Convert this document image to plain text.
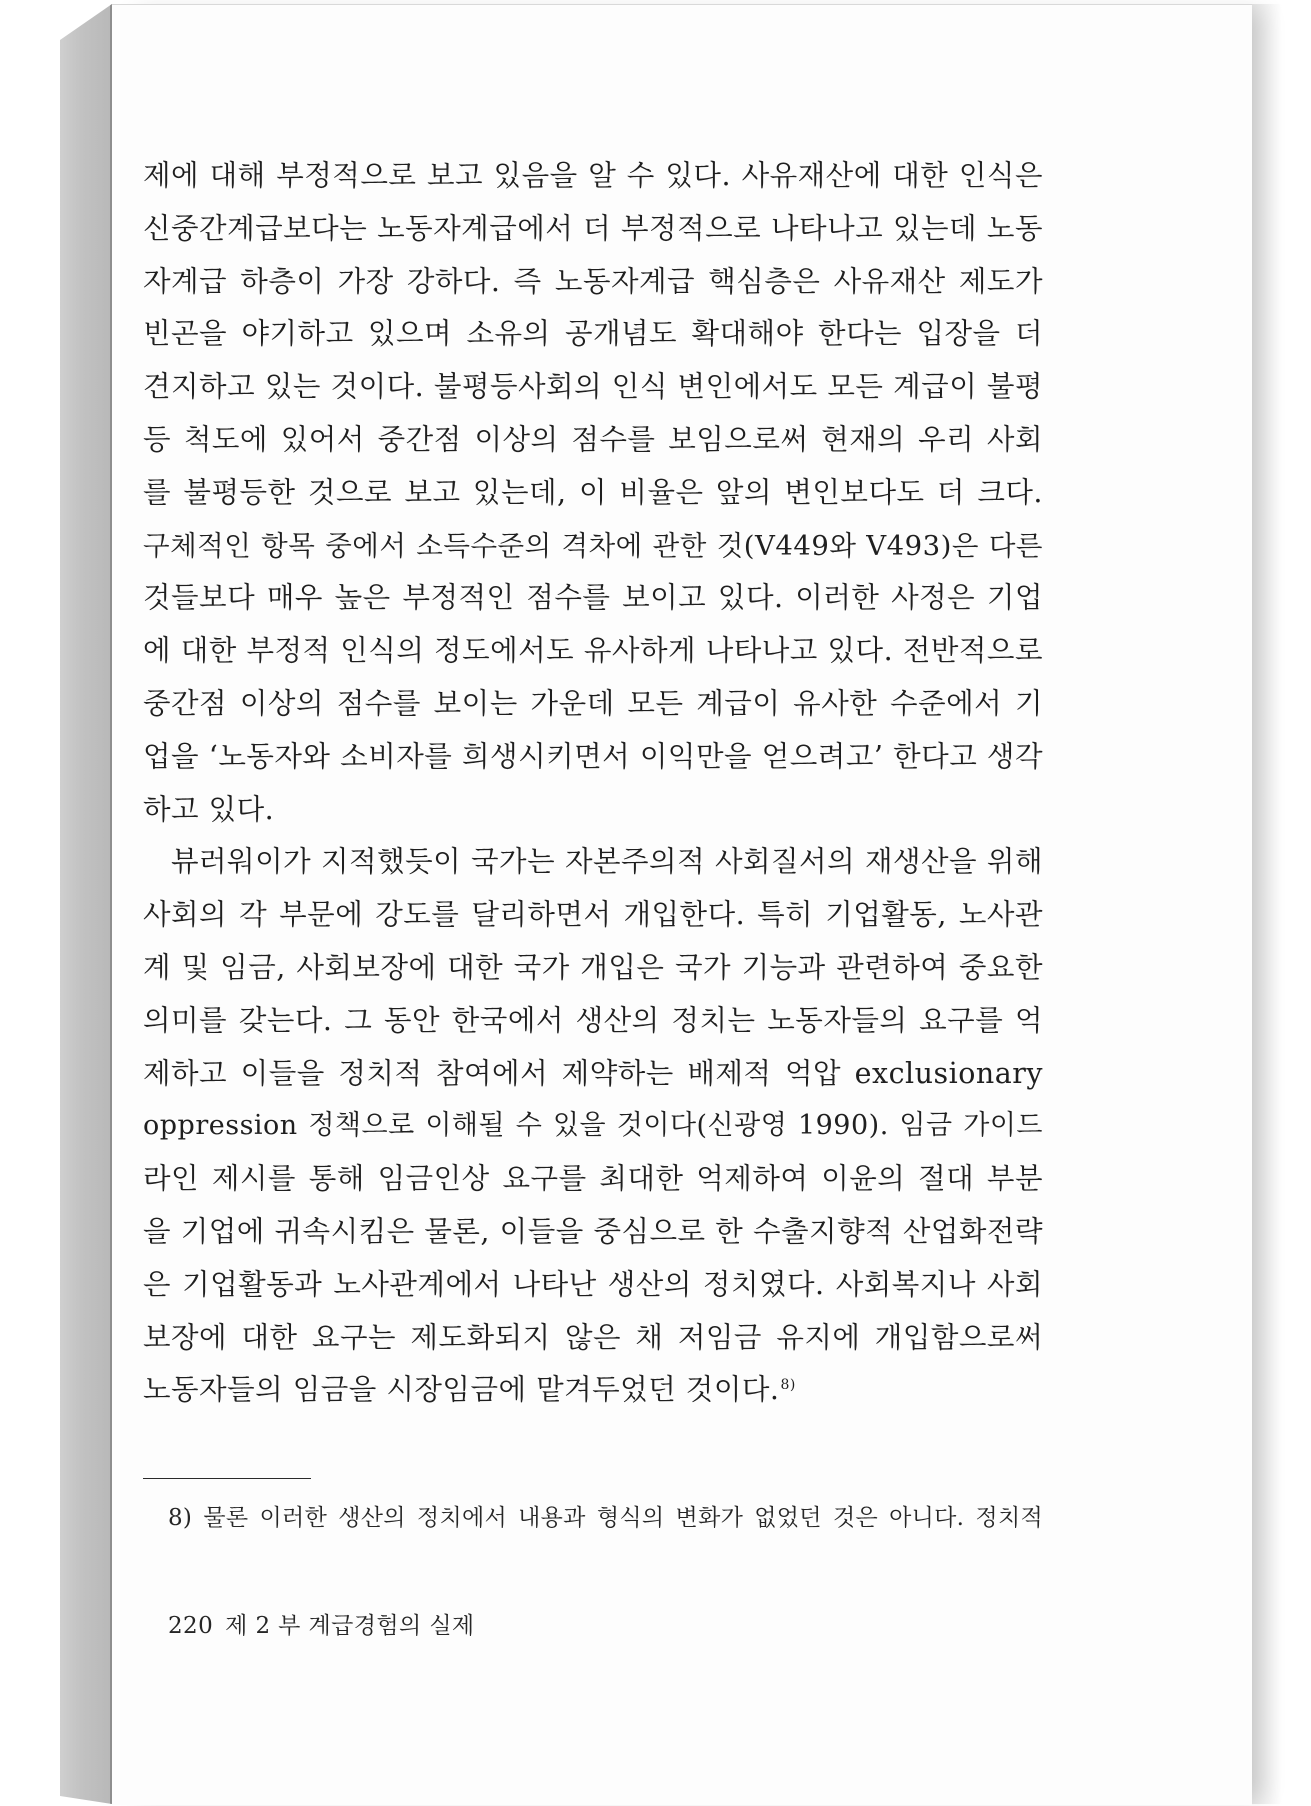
제에 대해 부정적으로 보고 있음을 알 수 있다. 사유재산에 대한 인식은
신중간계급보다는 노동자계급에서 더 부정적으로 나타나고 있는데 노동
자계급 하층이 가장 강하다. 즉 노동자계급 핵심층은 사유재산 제도가
빈곤을 야기하고 있으며 소유의 공개념도 확대해야 한다는 입장을 더
견지하고 있는 것이다. 불평등사회의 인식 변인에서도 모든 계급이 불평
등 척도에 있어서 중간점 이상의 점수를 보임으로써 현재의 우리 사회
를 불평등한 것으로 보고 있는데, 이 비율은 앞의 변인보다도 더 크다.
구체적인 항목 중에서 소득수준의 격차에 관한 것(V449와 V493)은 다른
것들보다 매우 높은 부정적인 점수를 보이고 있다. 이러한 사정은 기업
에 대한 부정적 인식의 정도에서도 유사하게 나타나고 있다. 전반적으로
중간점 이상의 점수를 보이는 가운데 모든 계급이 유사한 수준에서 기
업을 ‘노동자와 소비자를 희생시키면서 이익만을 얻으려고’ 한다고 생각
하고 있다.
뷰러워이가 지적했듯이 국가는 자본주의적 사회질서의 재생산을 위해
사회의 각 부문에 강도를 달리하면서 개입한다. 특히 기업활동, 노사관
계 및 임금, 사회보장에 대한 국가 개입은 국가 기능과 관련하여 중요한
의미를 갖는다. 그 동안 한국에서 생산의 정치는 노동자들의 요구를 억
제하고 이들을 정치적 참여에서 제약하는 배제적 억압 exclusionary
oppression 정책으로 이해될 수 있을 것이다(신광영 1990). 임금 가이드
라인 제시를 통해 임금인상 요구를 최대한 억제하여 이윤의 절대 부분
을 기업에 귀속시킴은 물론, 이들을 중심으로 한 수출지향적 산업화전략
은 기업활동과 노사관계에서 나타난 생산의 정치였다. 사회복지나 사회
보장에 대한 요구는 제도화되지 않은 채 저임금 유지에 개입함으로써
노동자들의 임금을 시장임금에 맡겨두었던 것이다.$^{8)}$
8) 물론 이러한 생산의 정치에서 내용과 형식의 변화가 없었던 것은 아니다. 정치적
220 제 2 부 계급경험의 실제
